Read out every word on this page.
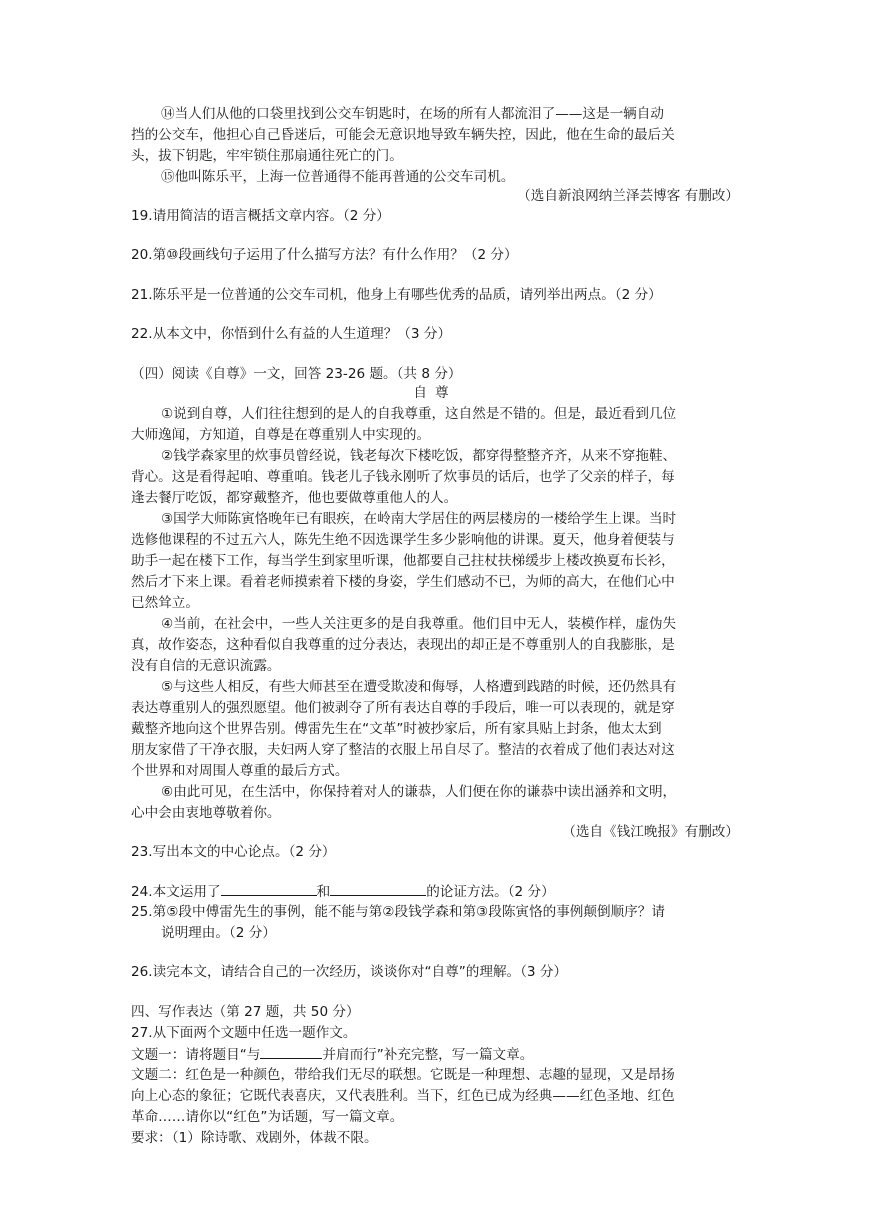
⑭当人们从他的口袋里找到公交车钥匙时，在场的所有人都流泪了——这是一辆自动
挡的公交车，他担心自己昏迷后，可能会无意识地导致车辆失控，因此，他在生命的最后关
头，拔下钥匙，牢牢锁住那扇通往死亡的门。
⑮他叫陈乐平，上海一位普通得不能再普通的公交车司机。
（选自新浪网纳兰泽芸博客 有删改）
19.请用简洁的语言概括文章内容。（2 分）
20.第⑩段画线句子运用了什么描写方法？有什么作用？（2 分）
21.陈乐平是一位普通的公交车司机，他身上有哪些优秀的品质，请列举出两点。（2 分）
22.从本文中，你悟到什么有益的人生道理？（3 分）
（四）阅读《自尊》一文，回答 23-26 题。（共 8 分）
自尊
①说到自尊，人们往往想到的是人的自我尊重，这自然是不错的。但是，最近看到几位
大师逸闻，方知道，自尊是在尊重别人中实现的。
②钱学森家里的炊事员曾经说，钱老每次下楼吃饭，都穿得整整齐齐，从来不穿拖鞋、
背心。这是看得起咱、尊重咱。钱老儿子钱永刚听了炊事员的话后，也学了父亲的样子，每
逢去餐厅吃饭，都穿戴整齐，他也要做尊重他人的人。
③国学大师陈寅恪晚年已有眼疾，在岭南大学居住的两层楼房的一楼给学生上课。当时
选修他课程的不过五六人，陈先生绝不因选课学生多少影响他的讲课。夏天，他身着便装与
助手一起在楼下工作，每当学生到家里听课，他都要自己拄杖扶梯缓步上楼改换夏布长衫，
然后才下来上课。看着老师摸索着下楼的身姿，学生们感动不已，为师的高大，在他们心中
已然耸立。
④当前，在社会中，一些人关注更多的是自我尊重。他们目中无人，装模作样，虚伪失
真，故作姿态，这种看似自我尊重的过分表达，表现出的却正是不尊重别人的自我膨胀，是
没有自信的无意识流露。
⑤与这些人相反，有些大师甚至在遭受欺凌和侮辱，人格遭到践踏的时候，还仍然具有
表达尊重别人的强烈愿望。他们被剥夺了所有表达自尊的手段后，唯一可以表现的，就是穿
戴整齐地向这个世界告别。傅雷先生在“文革”时被抄家后，所有家具贴上封条，他太太到
朋友家借了干净衣服，夫妇两人穿了整洁的衣服上吊自尽了。整洁的衣着成了他们表达对这
个世界和对周围人尊重的最后方式。
⑥由此可见，在生活中，你保持着对人的谦恭，人们便在你的谦恭中读出涵养和文明，
心中会由衷地尊敬着你。
（选自《钱江晚报》有删改）
23.写出本文的中心论点。（2 分）
24.本文运用了	和	的论证方法。（2 分）
25.第⑤段中傅雷先生的事例，能不能与第②段钱学森和第③段陈寅恪的事例颠倒顺序？请
说明理由。（2 分）
26.读完本文，请结合自己的一次经历，谈谈你对“自尊”的理解。（3 分）
四、写作表达（第 27 题，共 50 分）
27.从下面两个文题中任选一题作文。
文题一：请将题目“与	并肩而行”补充完整，写一篇文章。
文题二：红色是一种颜色，带给我们无尽的联想。它既是一种理想、志趣的显现，又是昂扬
向上心态的象征；它既代表喜庆，又代表胜利。当下，红色已成为经典——红色圣地、红色
革命……请你以“红色”为话题，写一篇文章。
要求：（1）除诗歌、戏剧外，体裁不限。
